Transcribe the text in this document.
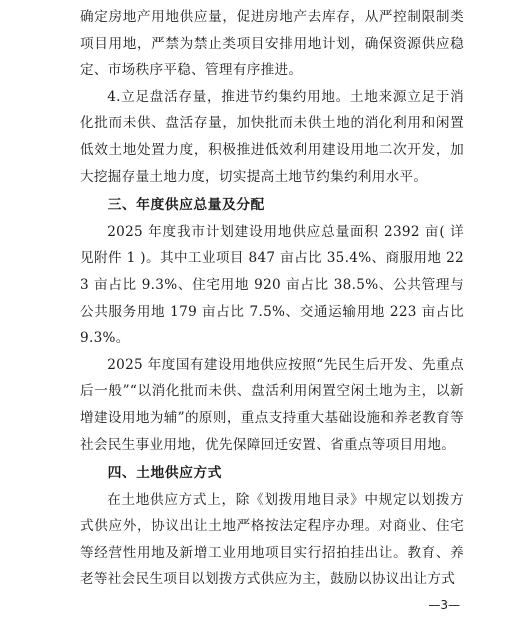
确定房地产用地供应量，促进房地产去库存，从严控制限制类项目用地，严禁为禁止类项目安排用地计划，确保资源供应稳定、市场秩序平稳、管理有序推进。

4.立足盘活存量，推进节约集约用地。土地来源立足于消化批而未供、盘活存量，加快批而未供土地的消化利用和闲置低效土地处置力度，积极推进低效利用建设用地二次开发，加大挖掘存量土地力度，切实提高土地节约集约利用水平。

三、年度供应总量及分配

2025 年度我市计划建设用地供应总量面积 2392 亩( 详见附件 1 )。其中工业项目 847 亩占比 35.4%、商服用地 223 亩占比 9.3%、住宅用地 920 亩占比 38.5%、公共管理与公共服务用地 179 亩占比 7.5%、交通运输用地 223 亩占比 9.3%。

2025 年度国有建设用地供应按照“先民生后开发、先重点后一般”“以消化批而未供、盘活利用闲置空闲土地为主，以新增建设用地为辅”的原则，重点支持重大基础设施和养老教育等社会民生事业用地，优先保障回迁安置、省重点等项目用地。

四、土地供应方式

在土地供应方式上，除《划拨用地目录》中规定以划拨方式供应外，协议出让土地严格按法定程序办理。对商业、住宅等经营性用地及新增工业用地项目实行招拍挂出让。教育、养老等社会民生项目以划拨方式供应为主，鼓励以协议出让方式

—3—
